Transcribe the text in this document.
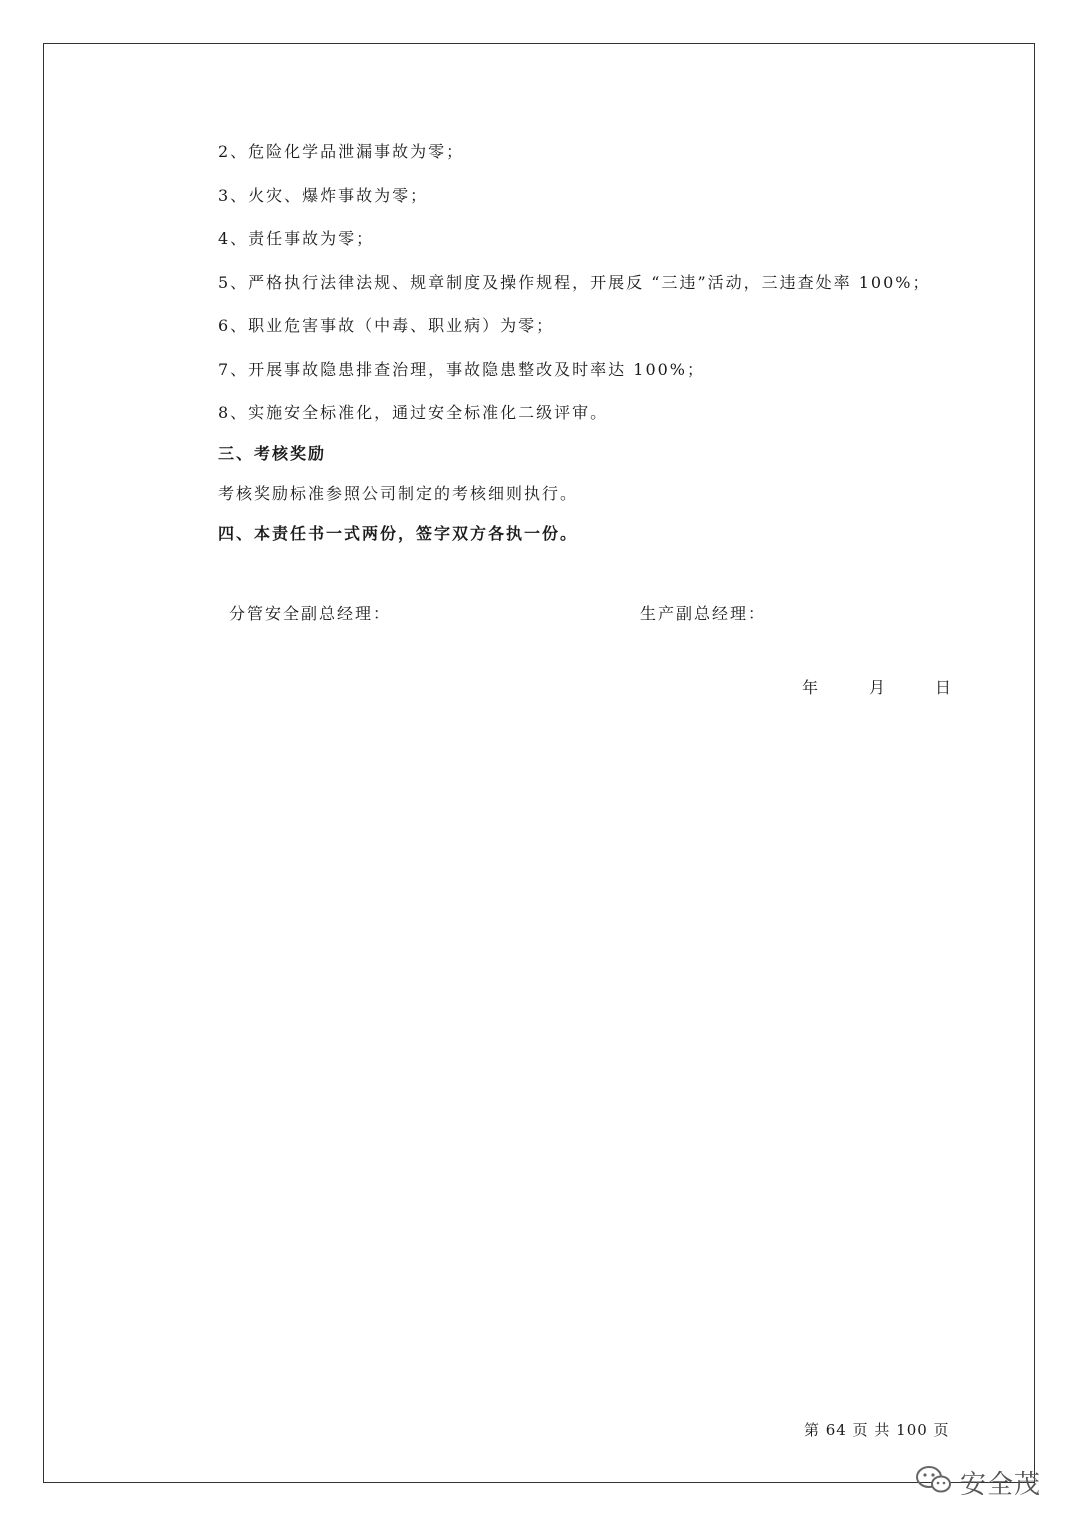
2、危险化学品泄漏事故为零；
3、火灾、爆炸事故为零；
4、责任事故为零；
5、严格执行法律法规、规章制度及操作规程，开展反 “三违”活动，三违查处率 100%；
6、职业危害事故（中毒、职业病）为零；
7、开展事故隐患排查治理，事故隐患整改及时率达 100%；
8、实施安全标准化，通过安全标准化二级评审。
三、考核奖励
考核奖励标准参照公司制定的考核细则执行。
四、本责任书一式两份，签字双方各执一份。
分管安全副总经理：	生产副总经理：
年	月	日
第 64 页 共 100 页
安全茂
